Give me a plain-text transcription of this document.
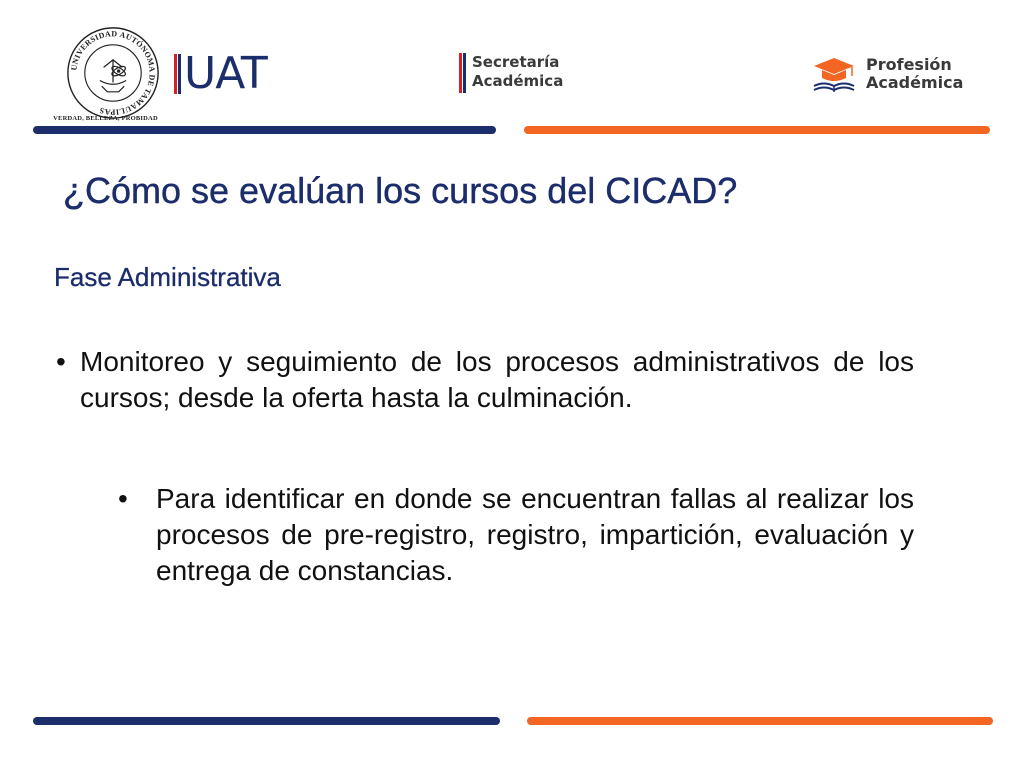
UNIVERSIDAD AUTÓNOMA DE TAMAULIPAS
VERDAD, BELLEZA, PROBIDAD
UAT	Secretaría
Académica
Profesión
Académica
¿Cómo se evalúan los cursos del CICAD?
Fase Administrativa
• Monitoreo y seguimiento de los procesos administrativos de los cursos; desde la oferta hasta la culminación.
• Para identificar en donde se encuentran fallas al realizar los procesos de pre-registro, registro, impartición, evaluación y entrega de constancias.
